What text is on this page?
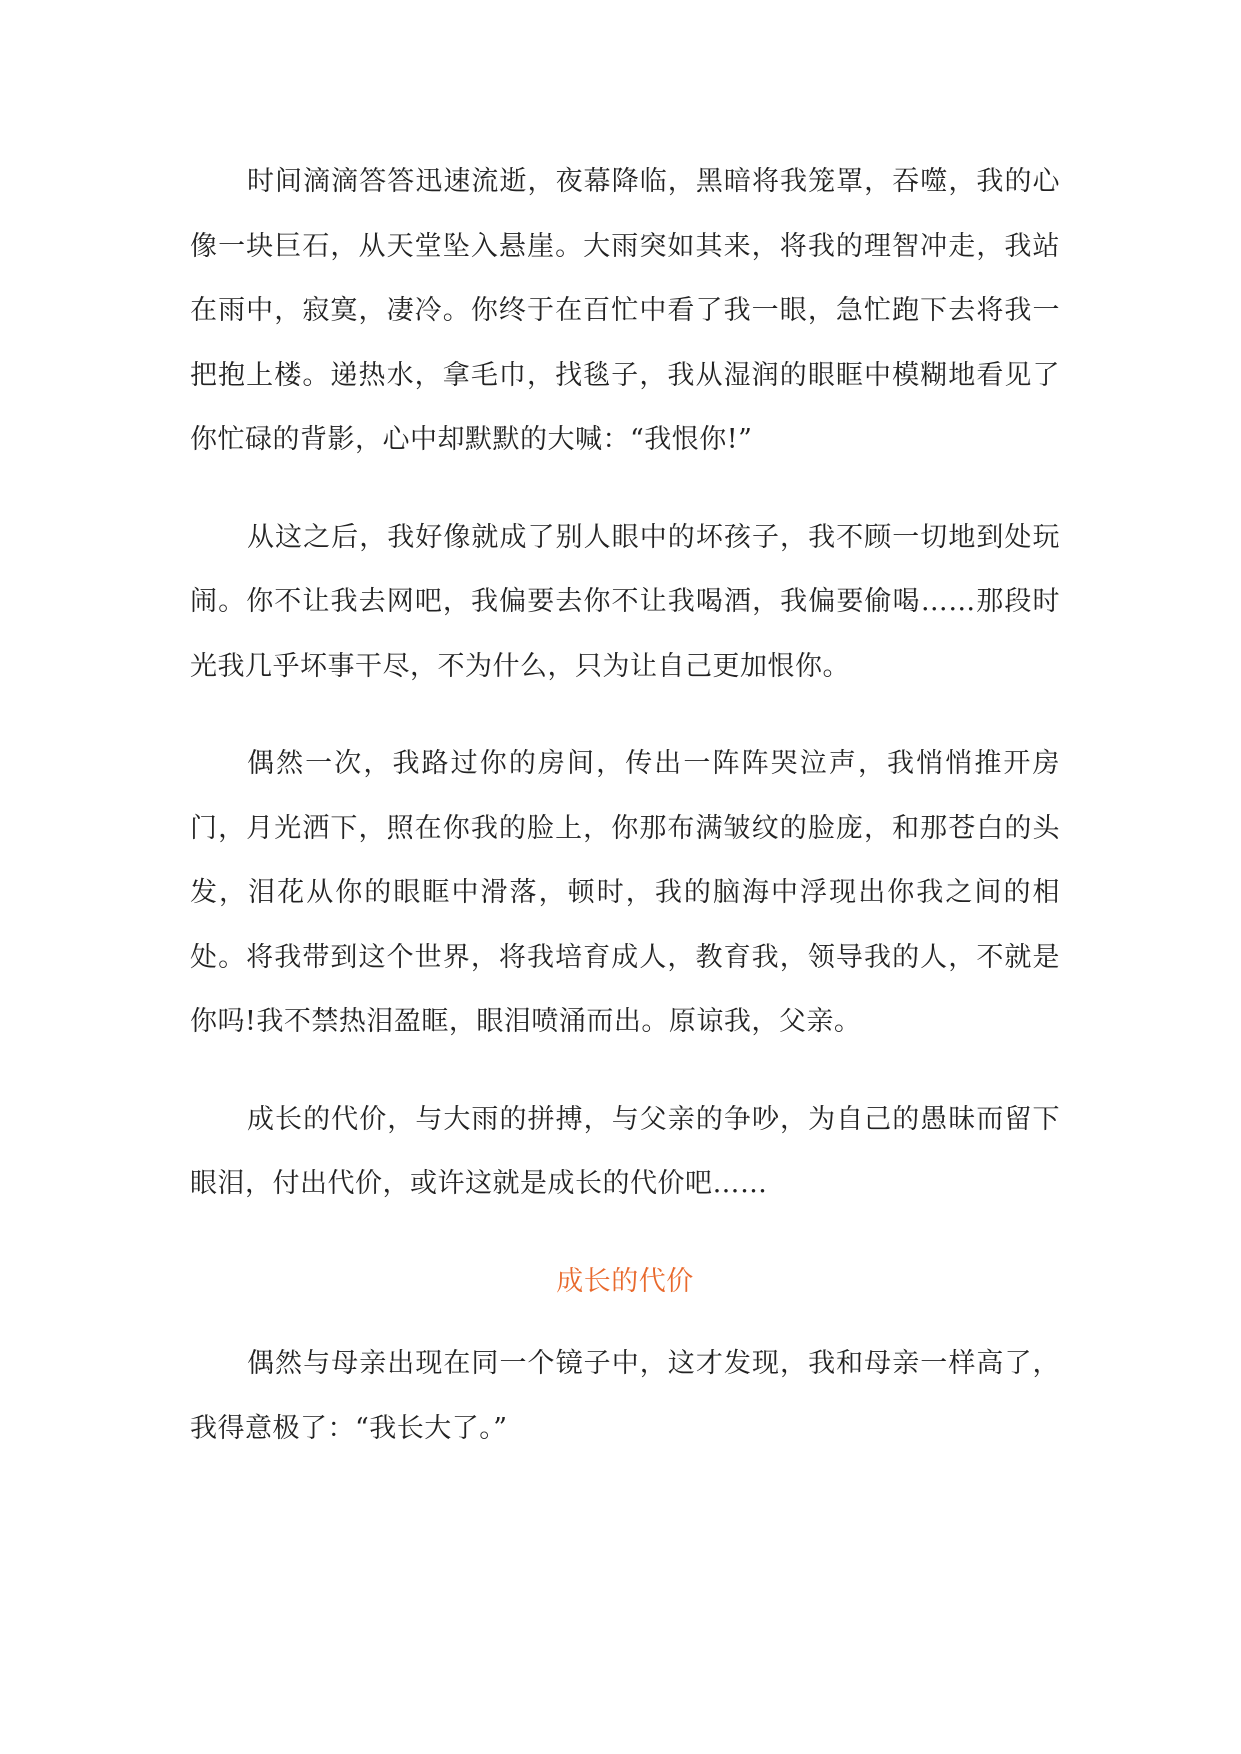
时间滴滴答答迅速流逝，夜幕降临，黑暗将我笼罩，吞噬，我的心像一块巨石，从天堂坠入悬崖。大雨突如其来，将我的理智冲走，我站在雨中，寂寞，凄冷。你终于在百忙中看了我一眼，急忙跑下去将我一把抱上楼。递热水，拿毛巾，找毯子，我从湿润的眼眶中模糊地看见了你忙碌的背影，心中却默默的大喊：“我恨你!”

从这之后，我好像就成了别人眼中的坏孩子，我不顾一切地到处玩闹。你不让我去网吧，我偏要去你不让我喝酒，我偏要偷喝……那段时光我几乎坏事干尽，不为什么，只为让自己更加恨你。

偶然一次，我路过你的房间，传出一阵阵哭泣声，我悄悄推开房门，月光洒下，照在你我的脸上，你那布满皱纹的脸庞，和那苍白的头发，泪花从你的眼眶中滑落，顿时，我的脑海中浮现出你我之间的相处。将我带到这个世界，将我培育成人，教育我，领导我的人，不就是你吗!我不禁热泪盈眶，眼泪喷涌而出。原谅我，父亲。

成长的代价，与大雨的拼搏，与父亲的争吵，为自己的愚昧而留下眼泪，付出代价，或许这就是成长的代价吧……

成长的代价

偶然与母亲出现在同一个镜子中，这才发现，我和母亲一样高了，我得意极了：“我长大了。”
